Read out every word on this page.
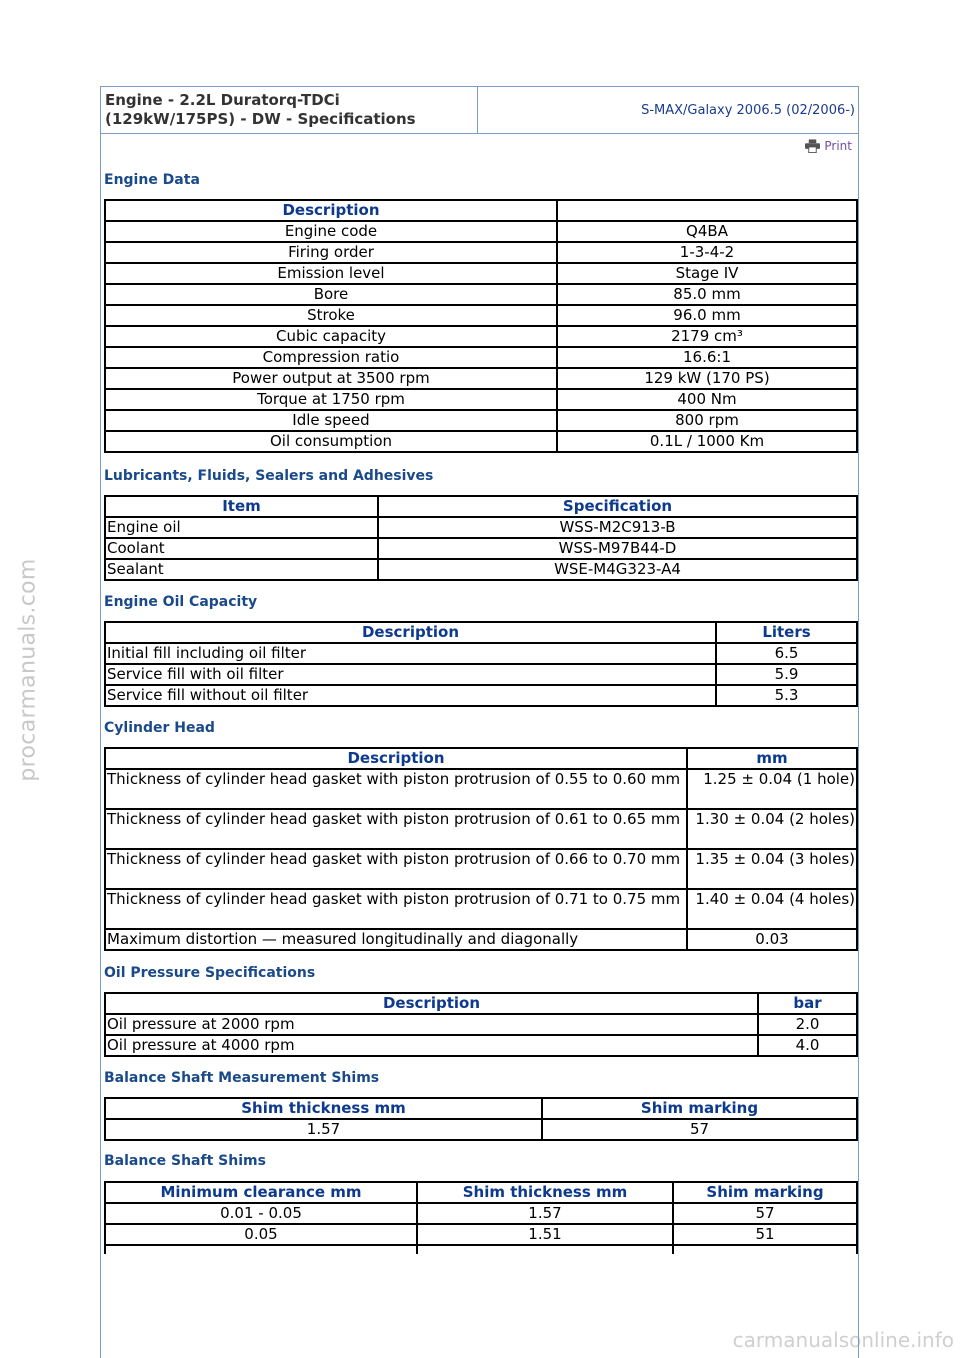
procarmanuals.com
carmanualsonline.info
Engine - 2.2L Duratorq-TDCi
(129kW/175PS) - DW - Specifications	S-MAX/Galaxy 2006.5 (02/2006-)
Print
Engine Data
Description	
Engine code	Q4BA
Firing order	1-3-4-2
Emission level	Stage IV
Bore	85.0 mm
Stroke	96.0 mm
Cubic capacity	2179 cm³
Compression ratio	16.6:1
Power output at 3500 rpm	129 kW (170 PS)
Torque at 1750 rpm	400 Nm
Idle speed	800 rpm
Oil consumption	0.1L / 1000 Km
Lubricants, Fluids, Sealers and Adhesives
Item	Specification
Engine oil	WSS-M2C913-B
Coolant	WSS-M97B44-D
Sealant	WSE-M4G323-A4
Engine Oil Capacity
Description	Liters
Initial fill including oil filter	6.5
Service fill with oil filter	5.9
Service fill without oil filter	5.3
Cylinder Head
Description	mm
Thickness of cylinder head gasket with piston protrusion of 0.55 to 0.60 mm	1.25 ± 0.04 (1 hole)
Thickness of cylinder head gasket with piston protrusion of 0.61 to 0.65 mm	1.30 ± 0.04 (2 holes)
Thickness of cylinder head gasket with piston protrusion of 0.66 to 0.70 mm	1.35 ± 0.04 (3 holes)
Thickness of cylinder head gasket with piston protrusion of 0.71 to 0.75 mm	1.40 ± 0.04 (4 holes)
Maximum distortion — measured longitudinally and diagonally	0.03
Oil Pressure Specifications
Description	bar
Oil pressure at 2000 rpm	2.0
Oil pressure at 4000 rpm	4.0
Balance Shaft Measurement Shims
Shim thickness mm	Shim marking
1.57	57
Balance Shaft Shims
Minimum clearance mm	Shim thickness mm	Shim marking
0.01 - 0.05	1.57	57
0.05	1.51	51
